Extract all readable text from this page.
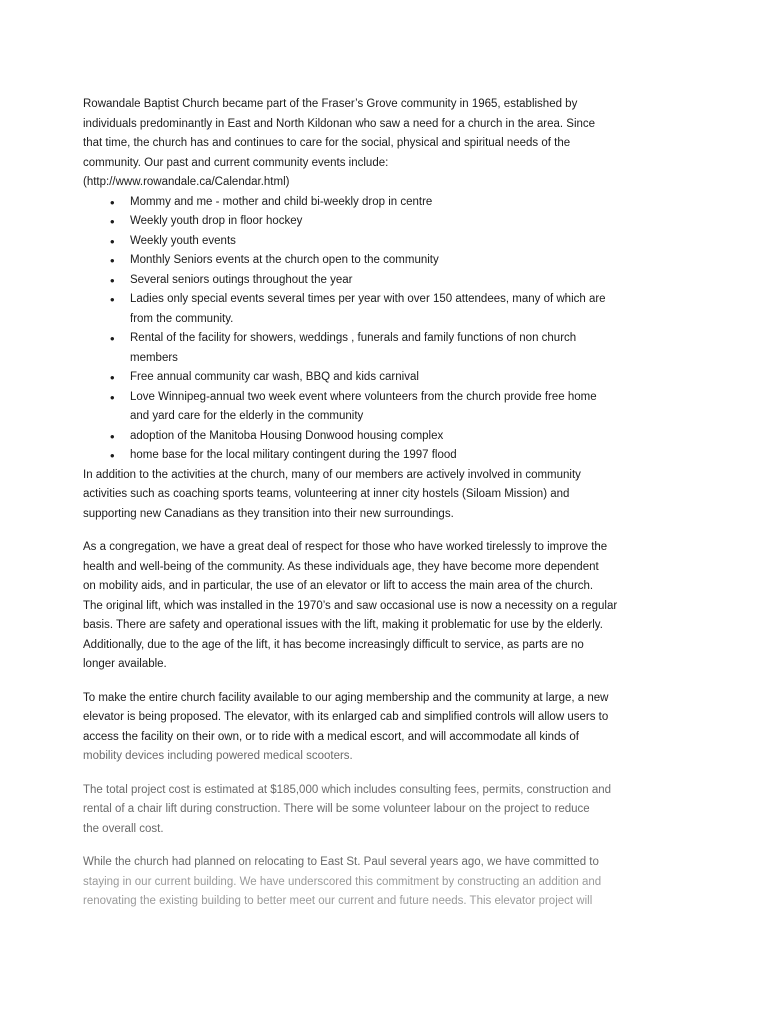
Rowandale Baptist Church became part of the Fraser’s Grove community in 1965, established by
individuals predominantly in East and North Kildonan who saw a need for a church in the area. Since
that time, the church has and continues to care for the social, physical and spiritual needs of the
community. Our past and current community events include:
(http://www.rowandale.ca/Calendar.html)

• Mommy and me - mother and child bi-weekly drop in centre
• Weekly youth drop in floor hockey
• Weekly youth events
• Monthly Seniors events at the church open to the community
• Several seniors outings throughout the year
• Ladies only special events several times per year with over 150 attendees, many of which are
from the community.
• Rental of the facility for showers, weddings , funerals and family functions of non church
members
• Free annual community car wash, BBQ and kids carnival
• Love Winnipeg-annual two week event where volunteers from the church provide free home
and yard care for the elderly in the community
• adoption of the Manitoba Housing Donwood housing complex
• home base for the local military contingent during the 1997 flood

In addition to the activities at the church, many of our members are actively involved in community
activities such as coaching sports teams, volunteering at inner city hostels (Siloam Mission) and
supporting new Canadians as they transition into their new surroundings.

As a congregation, we have a great deal of respect for those who have worked tirelessly to improve the
health and well-being of the community. As these individuals age, they have become more dependent
on mobility aids, and in particular, the use of an elevator or lift to access the main area of the church.
The original lift, which was installed in the 1970’s and saw occasional use is now a necessity on a regular
basis. There are safety and operational issues with the lift, making it problematic for use by the elderly.
Additionally, due to the age of the lift, it has become increasingly difficult to service, as parts are no
longer available.

To make the entire church facility available to our aging membership and the community at large, a new
elevator is being proposed. The elevator, with its enlarged cab and simplified controls will allow users to
access the facility on their own, or to ride with a medical escort, and will accommodate all kinds of
mobility devices including powered medical scooters.

The total project cost is estimated at $185,000 which includes consulting fees, permits, construction and
rental of a chair lift during construction. There will be some volunteer labour on the project to reduce
the overall cost.

While the church had planned on relocating to East St. Paul several years ago, we have committed to
staying in our current building. We have underscored this commitment by constructing an addition and
renovating the existing building to better meet our current and future needs. This elevator project will
